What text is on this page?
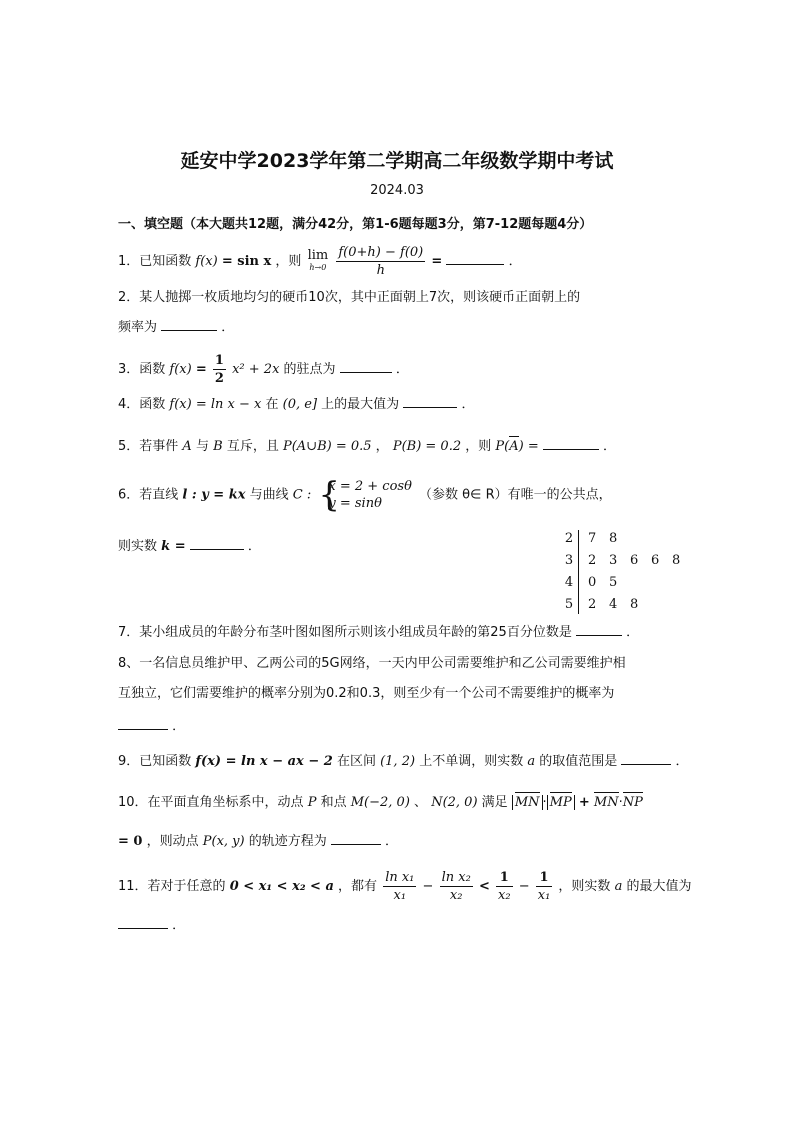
延安中学2023学年第二学期高二年级数学期中考试
2024.03
一、填空题（本大题共12题，满分42分，第1-6题每题3分，第7-12题每题4分）
1．已知函数 f(x) = sin x ，则 lim
h→0
$\frac{f(0+h) - f(0)}{h}$ =	．
2．某人抛掷一枚质地均匀的硬币10次，其中正面朝上7次，则该硬币正面朝上的
频率为	．
3．函数 $f(x) = \frac{1}{2} x^2 + 2x$ 的驻点为	．
4．函数 f(x) = ln x − x 在 (0, e] 上的最大值为	．
5．若事件 A 与 B 互斥，且 P(A∪B) = 0.5 ， P(B) = 0.2 ，则 P(A) =	．
6．若直线 l : y = kx 与曲线 C : {
x = 2 + cosθ
y = sinθ
（参数 θ∈ R）有唯一的公共点，
则实数 k =	．
2 7 8
3 2 3 6 6 8
4 0 5
5 2 4 8
7．某小组成员的年龄分布茎叶图如图所示则该小组成员年龄的第25百分位数是	．
8、一名信息员维护甲、乙两公司的5G网络，一天内甲公司需要维护和乙公司需要维护相
互独立，它们需要维护的概率分别为0.2和0.3，则至少有一个公司不需要维护的概率为
．
9．已知函数 f(x) = ln x − ax − 2 在区间 (1, 2) 上不单调，则实数 a 的取值范围是	．
10．在平面直角坐标系中，动点 P 和点 M(−2, 0) 、 N(2, 0) 满足 MN · MP + MN·NP
= 0 ，则动点 P(x, y) 的轨迹方程为	．
11．若对于任意的 0 < x₁ < x₂ < a ，都有 $\frac{\text{ln x₁}}{\text{x₁}} - \frac{\text{ln x₂}}{\text{x₂}} < \frac{1}{\text{x₂}} - \frac{1}{\text{x₁}}$ ，则实数 a 的最大值为
．
